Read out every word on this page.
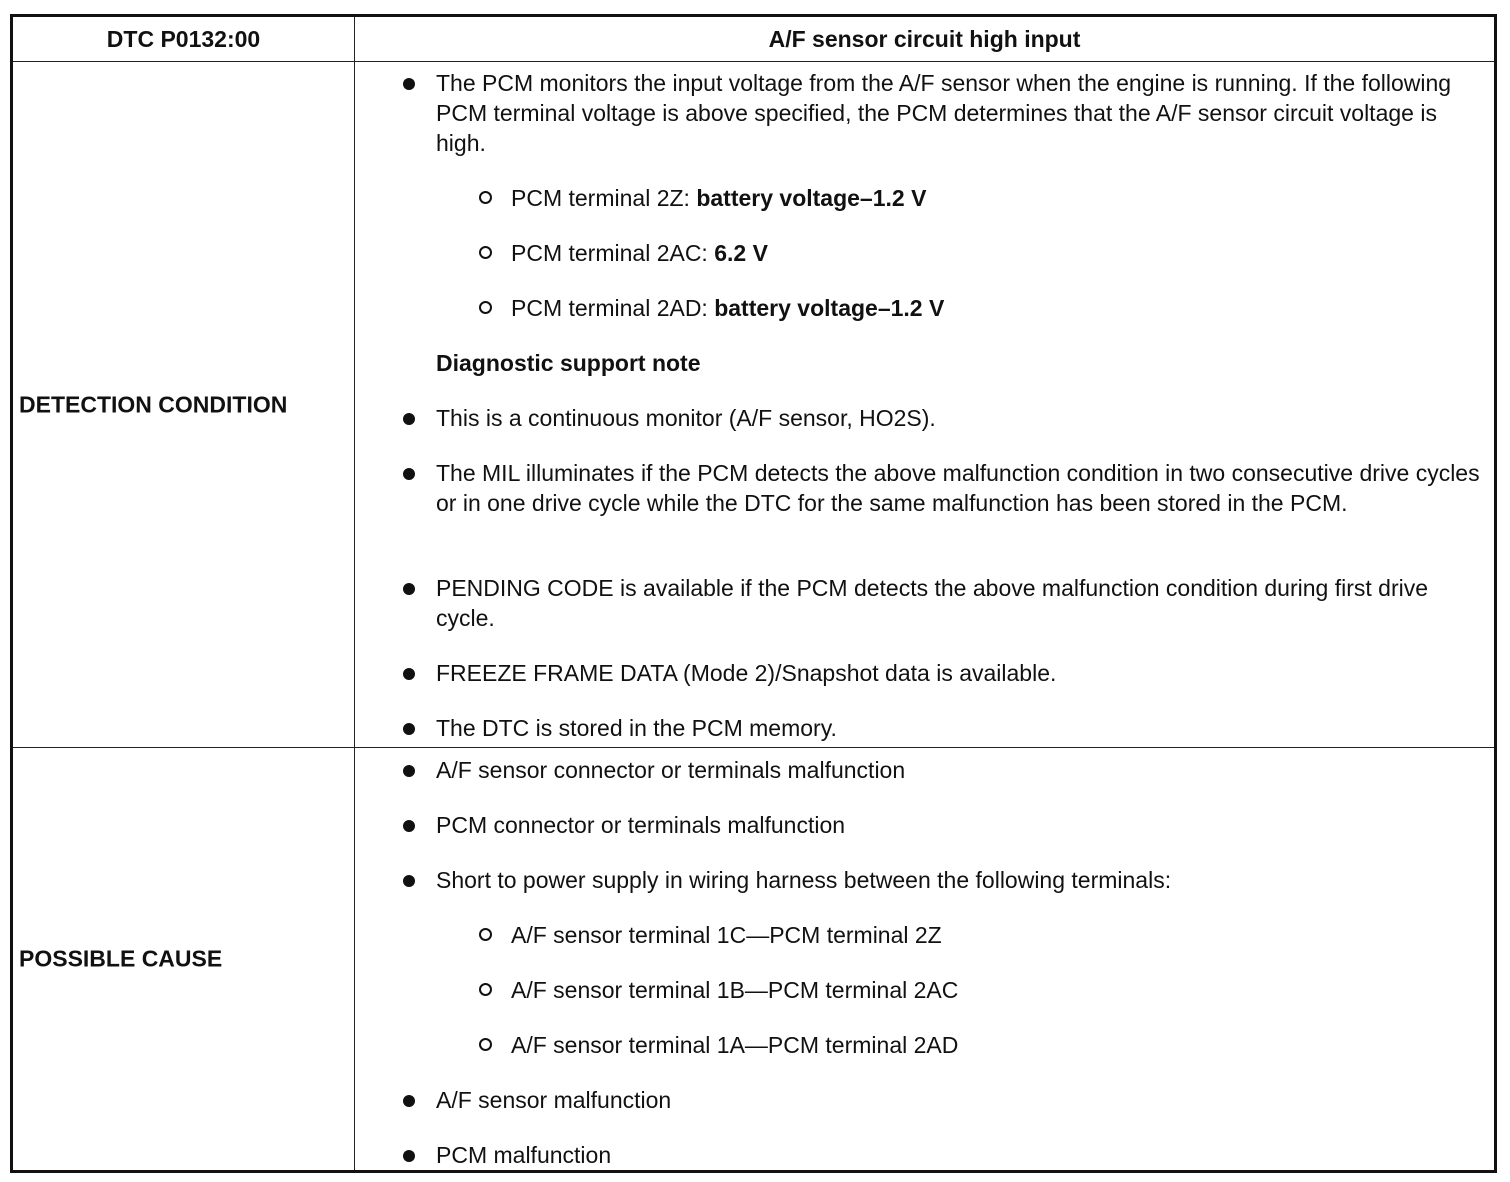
DTC P0132:00	A/F sensor circuit high input
DETECTION CONDITION
The PCM monitors the input voltage from the A/F sensor when the engine is running. If the following PCM terminal voltage is above specified, the PCM determines that the A/F sensor circuit voltage is high.
PCM terminal 2Z: battery voltage–1.2 V
PCM terminal 2AC: 6.2 V
PCM terminal 2AD: battery voltage–1.2 V
Diagnostic support note
This is a continuous monitor (A/F sensor, HO2S).
The MIL illuminates if the PCM detects the above malfunction condition in two consecutive drive cycles or in one drive cycle while the DTC for the same malfunction has been stored in the PCM.
PENDING CODE is available if the PCM detects the above malfunction condition during first drive cycle.
FREEZE FRAME DATA (Mode 2)/Snapshot data is available.
The DTC is stored in the PCM memory.
POSSIBLE CAUSE
A/F sensor connector or terminals malfunction
PCM connector or terminals malfunction
Short to power supply in wiring harness between the following terminals:
A/F sensor terminal 1C—PCM terminal 2Z
A/F sensor terminal 1B—PCM terminal 2AC
A/F sensor terminal 1A—PCM terminal 2AD
A/F sensor malfunction
PCM malfunction
